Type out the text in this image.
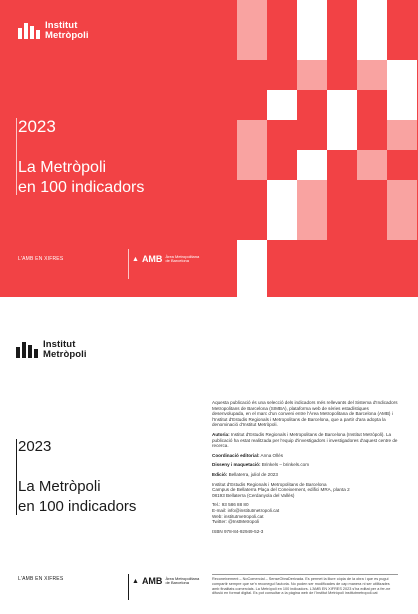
Institut
Metròpoli
2023
La Metròpoli
en 100 indicadors
L'AMB EN XIFRES	▲ AMB Àrea Metropolitana
de Barcelona
Institut
Metròpoli
2023
La Metròpoli
en 100 indicadors

Aquesta publicació és una selecció dels indicadors més rellevants del Sistema d'Indicadors Metropolitans de Barcelona (SIMBA), plataforma web de sèries estadístiques desenvolupada, en el marc d'un conveni entre l'Àrea Metropolitana de Barcelona (AMB) i l'Institut d'Estudis Regionals i Metropolitans de Barcelona, que a partir d'ara adopta la denominació d'Institut Metròpoli.

Autoria: Institut d'Estudis Regionals i Metropolitans de Barcelona (Institut Metròpoli). La publicació ha estat realitzada per l'equip d'investigadors i investigadores d'aquest centre de recerca.

Coordinació editorial: Anna Ollés

Disseny i maquetació: Brinkels – brinkels.com

Edició: Bellaterra, juliol de 2023

Institut d'Estudis Regionals i Metropolitans de Barcelona
Campus de Bellaterra Plaça del Coneixement, edifici MRA, planta 2
08193 Bellaterra (Cerdanyola del Vallès)

Tel.: 93 586 88 80
E-mail: info@institutmetropoli.cat
Web: institutmetropoli.cat
Twitter: @InstMetropoli

ISBN 978-84-92949-52-3

L'AMB EN XIFRES	▲ AMB Àrea Metropolitana
de Barcelona
Reconeixement – NoComercial – SenseObraDerivada. Es permet la lliure còpia de la obra i que es pugui compartir sempre que se'n reconegui l'autoria. No poden ser modificades de cap manera ni ser utilitzades amb finalitats comercials. La Metròpoli en 100 indicadors. L'AMB EN XIFRES 2023 s'ha editat per a fer-ne difusió en format digital. Es pot consultar a la pàgina web de l'Institut Metròpoli institutmetropoli.cat
